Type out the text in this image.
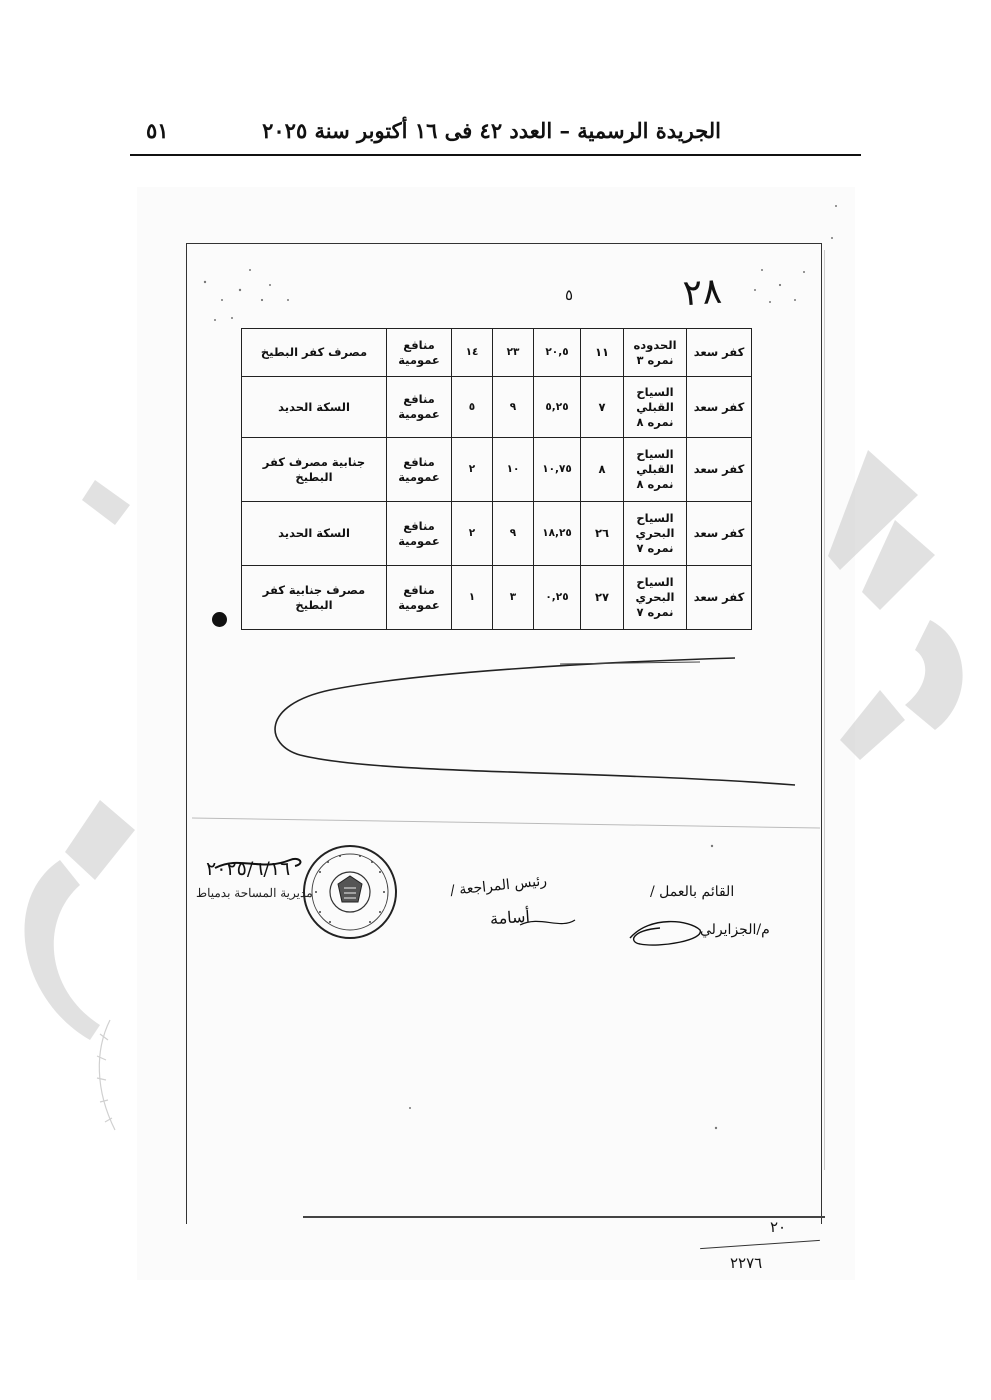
الجريدة الرسمية – العدد ٤٢ فى ١٦ أكتوبر سنة ٢٠٢٥
٥١
٢٨
٥
كفر سعد	الحدوده نمره ٣	١١	٢٠,٥	٢٣	١٤	منافع عمومية	مصرف كفر البطيخ
كفر سعد	السياح القبلي نمره ٨	٧	٥,٢٥	٩	٥	منافع عمومية	السكة الحديد
كفر سعد	السياح القبلي نمره ٨	٨	١٠,٧٥	١٠	٢	منافع عمومية	جنابية مصرف كفر البطيخ
كفر سعد	السياح البحري نمره ٧	٢٦	١٨,٢٥	٩	٢	منافع عمومية	السكة الحديد
كفر سعد	السياح البحري نمره ٧	٢٧	٠,٢٥	٣	١	منافع عمومية	مصرف جنابية كفر البطيخ
٢٠٢٥/٦/١٦
مديرية المساحة بدمياط	رئيس المراجعة /
أسامة
القائم بالعمل /
م/الجزايرلي
٢٠
٢٢٧٦
